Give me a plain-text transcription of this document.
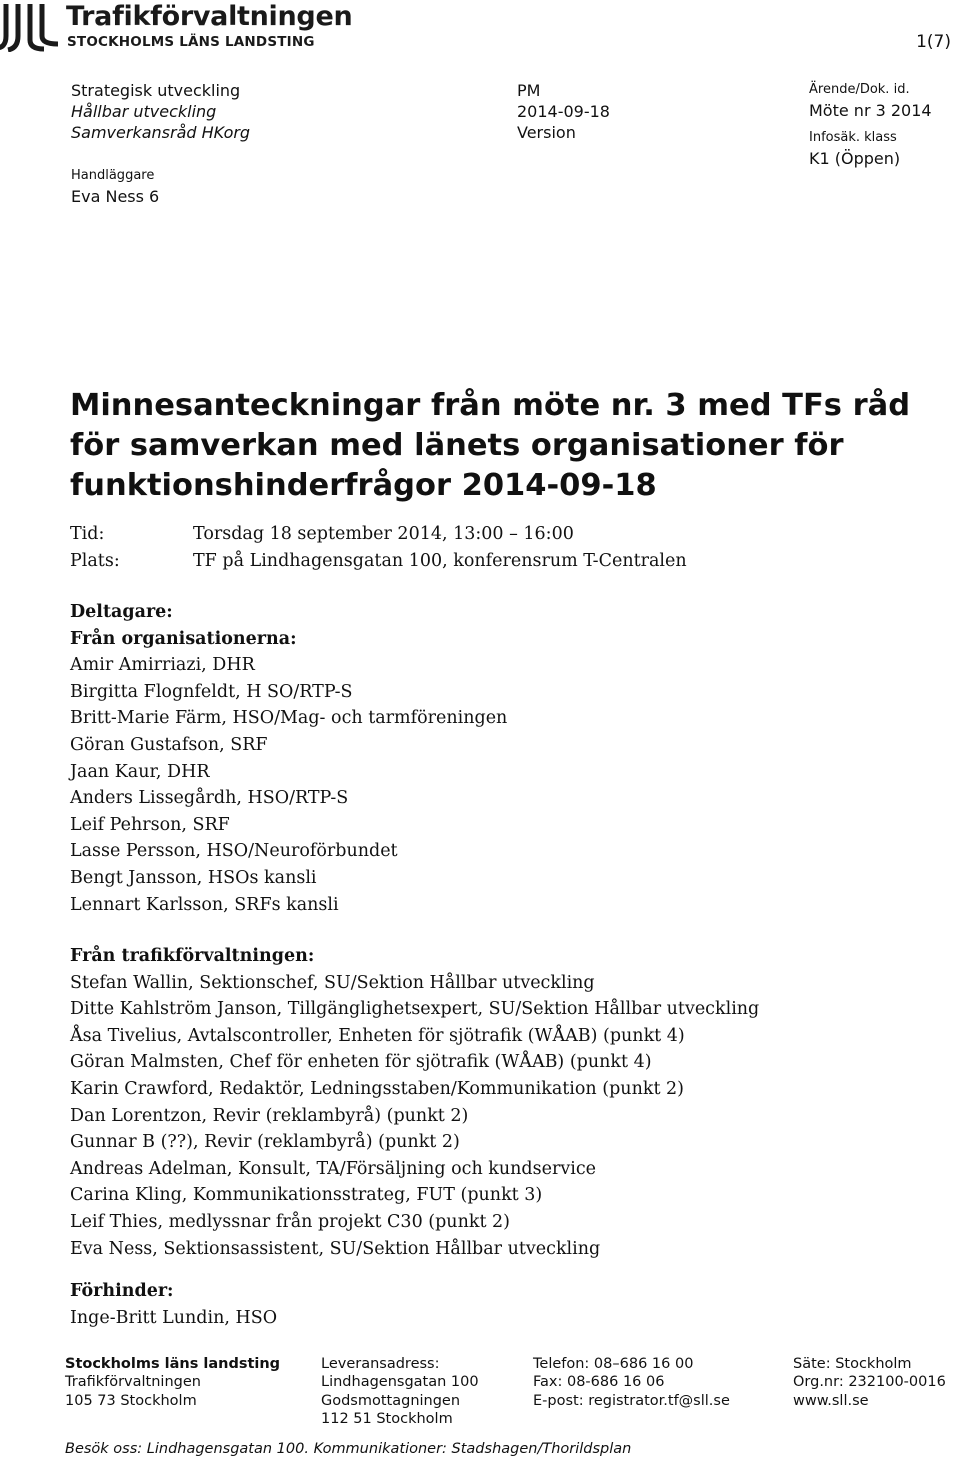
Trafikförvaltningen
STOCKHOLMS LÄNS LANDSTING	1(7)
Strategisk utveckling
Hållbar utveckling
Samverkansråd HKorg
Handläggare
Eva Ness 6
PM
2014-09-18
Version
Ärende/Dok. id.
Möte nr 3 2014
Infosäk. klass
K1 (Öppen)
Minnesanteckningar från möte nr. 3 med TFs råd för samverkan med länets organisationer för funktionshinderfrågor 2014-09-18
Tid:	Torsdag 18 september 2014, 13:00 – 16:00
Plats:	TF på Lindhagensgatan 100, konferensrum T-Centralen
Deltagare:
Från organisationerna:
Amir Amirriazi, DHR
Birgitta Flognfeldt, H SO/RTP-S
Britt-Marie Färm, HSO/Mag- och tarmföreningen
Göran Gustafson, SRF
Jaan Kaur, DHR
Anders Lissegårdh, HSO/RTP-S
Leif Pehrson, SRF
Lasse Persson, HSO/Neuroförbundet
Bengt Jansson, HSOs kansli
Lennart Karlsson, SRFs kansli
Från trafikförvaltningen:
Stefan Wallin, Sektionschef, SU/Sektion Hållbar utveckling
Ditte Kahlström Janson, Tillgänglighetsexpert, SU/Sektion Hållbar utveckling
Åsa Tivelius, Avtalscontroller, Enheten för sjötrafik (WÅAB) (punkt 4)
Göran Malmsten, Chef för enheten för sjötrafik (WÅAB) (punkt 4)
Karin Crawford, Redaktör, Ledningsstaben/Kommunikation (punkt 2)
Dan Lorentzon, Revir (reklambyrå) (punkt 2)
Gunnar B (??), Revir (reklambyrå) (punkt 2)
Andreas Adelman, Konsult, TA/Försäljning och kundservice
Carina Kling, Kommunikationsstrateg, FUT (punkt 3)
Leif Thies, medlyssnar från projekt C30 (punkt 2)
Eva Ness, Sektionsassistent, SU/Sektion Hållbar utveckling
Förhinder:
Inge-Britt Lundin, HSO
Stockholms läns landsting
Trafikförvaltningen
105 73 Stockholm
Leveransadress:
Lindhagensgatan 100
Godsmottagningen
112 51 Stockholm
Telefon: 08–686 16 00
Fax: 08-686 16 06
E-post: registrator.tf@sll.se
Säte: Stockholm
Org.nr: 232100-0016
www.sll.se
Besök oss: Lindhagensgatan 100. Kommunikationer: Stadshagen/Thorildsplan
